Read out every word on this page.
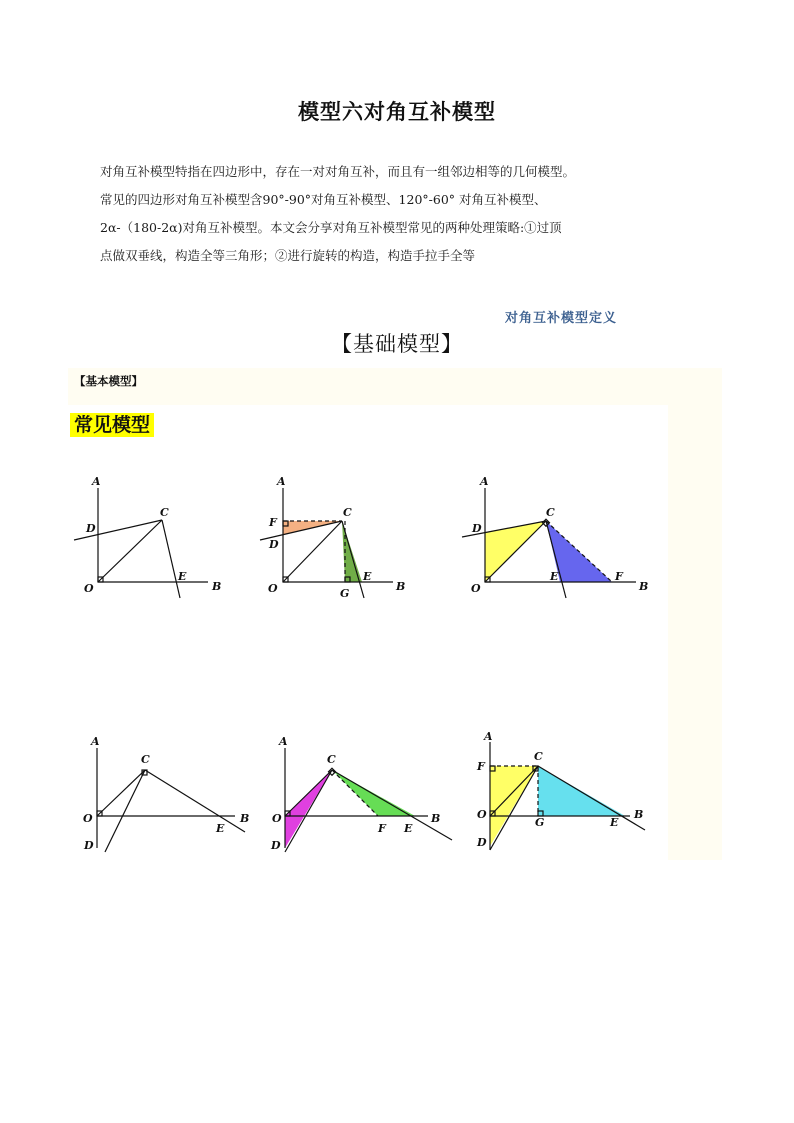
模型六对角互补模型
对角互补模型特指在四边形中，存在一对对角互补，而且有一组邻边相等的几何模型。
常见的四边形对角互补模型含90°-90°对角互补模型、120°-60° 对角互补模型、
2α-（180-2α)对角互补模型。本文会分享对角互补模型常见的两种处理策略:①过顶
点做双垂线，构造全等三角形；②进行旋转的构造，构造手拉手全等
对角互补模型定义
【基础模型】
【基本模型】
常见模型
A
B
C
D
E
O
A
B
C
D
E
F
G
O
A
B
C
D
E	F
O
A
B
C
D
E
O
A
B
C
D
E
F
O
A
B
C
D
E
F
G
O
